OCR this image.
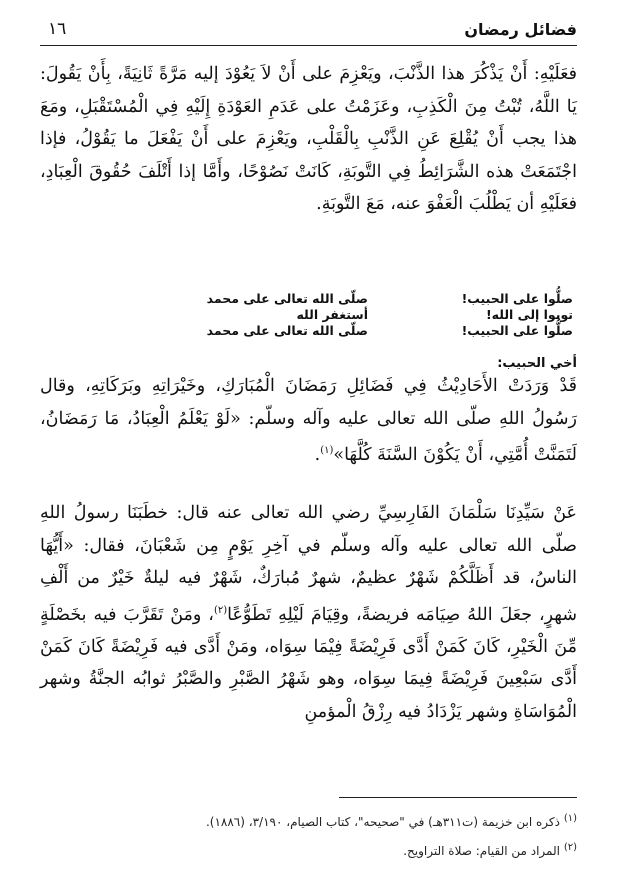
فضائل رمضان
١٦

فعَلَيْهِ: أَنْ يَذْكُرَ هذا الذَّنْبَ، ويَعْزِمَ على أَنْ لاَ يَعُوْدَ إليه مَرَّةً ثَانِيَةً، بِأَنْ يَقُولَ: يَا اللَّهُ، تُبْتُ مِنَ الْكَذِبِ، وعَزَمْتُ على عَدَمِ العَوْدَةِ إِلَيْهِ فِي الْمُسْتَقْبَلِ، ومَعَ هذا يجب أَنْ يُقْلِعَ عَنِ الذَّنْبِ بِالْقَلْبِ، ويَعْزِمَ على أَنْ يَفْعَلَ ما يَقُوْلُ، فإذا اجْتَمَعَتْ هذه الشَّرَائِطُ فِي التَّوبَةِ، كَانَتْ نَصُوْحًا، وأَمَّا إذا أَتْلَفَ حُقُوقَ الْعِبَادِ، فعَلَيْهِ أن يَطْلُبَ الْعَفْوَ عنه، مَعَ التَّوبَةِ.

صلُّوا على الحبيب!
صلّى الله تعالى على محمد
توبوا إلى الله!
أستغفر الله
صلُّوا على الحبيب!
صلّى الله تعالى على محمد
أخي الحبيب:

قَدْ وَرَدَتْ الأَحَادِيْثُ فِي فَضَائِلِ رَمَضَانَ الْمُبَارَكِ، وخَيْرَاتِهِ وبَرَكَاتِهِ، وقال رَسُولُ اللهِ صلّى الله تعالى عليه وآله وسلّم: «لَوْ يَعْلَمُ الْعِبَادُ، مَا رَمَضَانُ، لَتَمَنَّتْ أُمَّتِي، أَنْ يَكُوْنَ السَّنَةَ كُلَّهَا»$^{(١)}$.

عَنْ سَيِّدِنَا سَلْمَانَ الفَارِسِيِّ رضي الله تعالى عنه قال: خطَبَنَا رسولُ اللهِ صلّى الله تعالى عليه وآله وسلّم في آخِرِ يَوْمٍ مِن شَعْبَانَ، فقال: «أَيُّهَا الناسُ، قد أَظَلَّكُمْ شَهْرٌ عظيمٌ، شهرٌ مُبارَكٌ، شَهْرٌ فيه ليلةٌ خَيْرٌ من أَلْفِ شهرٍ، جعَلَ اللهُ صِيَامَه فريضةً، وقِيَامَ لَيْلِهِ تَطَوُّعًا$^{(٢)}$، ومَنْ تَقَرَّبَ فيه بخَصْلَةٍ مِّنَ الْخَيْرِ، كَانَ كَمَنْ أَدَّى فَرِيْضَةً فِيْمَا سِوَاه، ومَنْ أَدَّى فيه فَرِيْضَةً كَانَ كَمَنْ أَدَّى سَبْعِينَ فَرِيْضَةً فِيمَا سِوَاه، وهو شَهْرُ الصَّبْرِ والصَّبْرُ ثوابُه الجنَّةُ وشهر الْمُوَاسَاةِ وشهر يَزْدَادُ فيه رِزْقُ الْمؤمنِ

$^{(١)}$ ذكره ابن خزيمة (ت٣١١هـ) في "صحيحه"، كتاب الصيام، ٣/١٩٠، (١٨٨٦).

$^{(٢)}$ المراد من القيام: صلاة التراويح.
